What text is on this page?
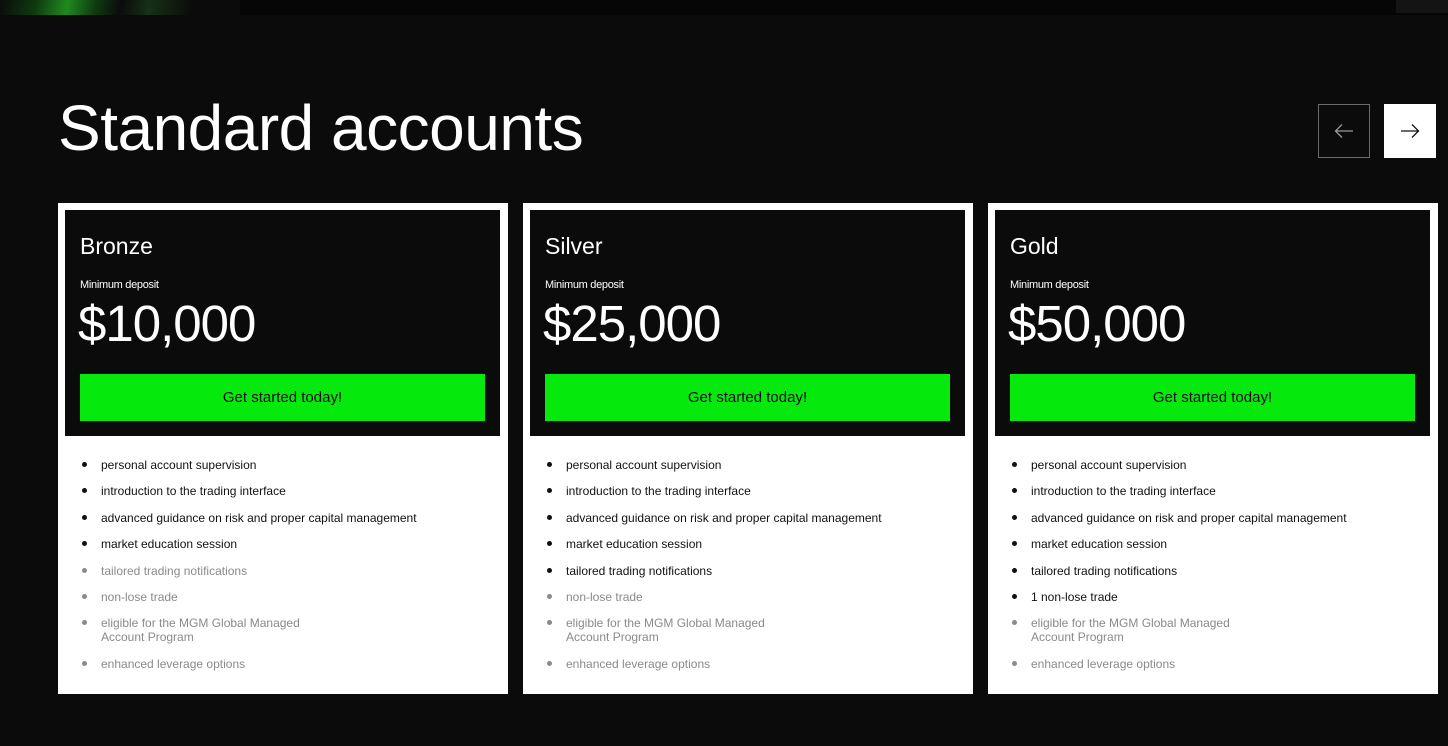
Standard accounts
Bronze
Minimum deposit
$10,000
Get started today!
personal account supervision
introduction to the trading interface
advanced guidance on risk and proper capital management
market education session
tailored trading notifications
non-lose trade
eligible for the MGM Global Managed
Account Program
enhanced leverage options
Silver
Minimum deposit
$25,000
Get started today!
personal account supervision
introduction to the trading interface
advanced guidance on risk and proper capital management
market education session
tailored trading notifications
non-lose trade
eligible for the MGM Global Managed
Account Program
enhanced leverage options
Gold
Minimum deposit
$50,000
Get started today!
personal account supervision
introduction to the trading interface
advanced guidance on risk and proper capital management
market education session
tailored trading notifications
1 non-lose trade
eligible for the MGM Global Managed
Account Program
enhanced leverage options
